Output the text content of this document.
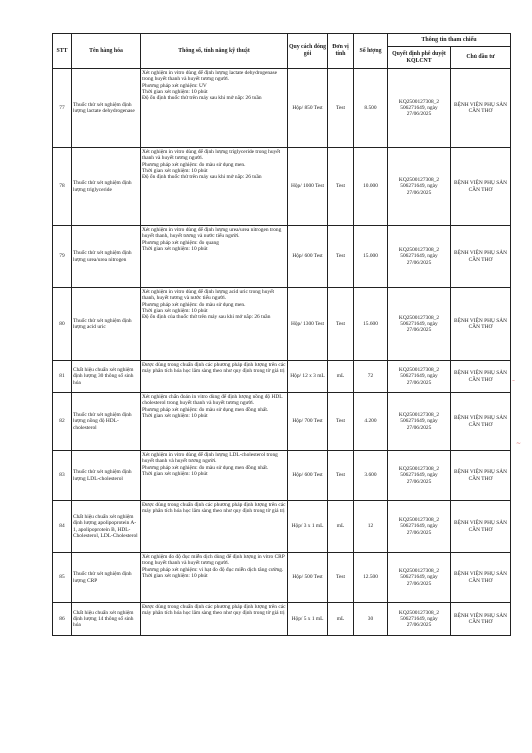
STT	Tên hàng hóa	Thông số, tính năng kỹ thuật	Quy cách đóng gói	Đơn vị tính	Số lượng	Thông tin tham chiếu	
						Quyết định phê duyệt KQLCNT	Chủ đầu tư
77	Thuốc thử xét nghiệm định lượng lactate dehydrogenase	Xét nghiệm in vitro dùng để định lượng lactate dehydrogenase trong huyết thanh và huyết tương người.
Phương pháp xét nghiệm: UV
Thời gian xét nghiệm: 10 phút
Độ ổn định thuốc thử trên máy sau khi mở nắp: 26 tuần	Hộp/ 850 Test	Test	8.500	KQ2500127308_2 506271649, ngày 27/06/2025	BỆNH VIỆN PHỤ SẢN CẦN THƠ
78	Thuốc thử xét nghiệm định lượng triglyceride	Xét nghiệm in vitro dùng để định lượng triglyceride trong huyết thanh và huyết tương người.
Phương pháp xét nghiệm: đo màu sử dụng men.
Thời gian xét nghiệm: 10 phút
Độ ổn định thuốc thử trên máy sau khi mở nắp: 26 tuần	Hộp/ 1000 Test	Test	10.000	KQ2500127308_2 506271649, ngày 27/06/2025	BỆNH VIỆN PHỤ SẢN CẦN THƠ
79	Thuốc thử xét nghiệm định lượng urea/urea nitrogen	Xét nghiệm in vitro dùng để định lượng urea/urea nitrogen trong huyết thanh, huyết tương và nước tiểu người.
Phương pháp xét nghiệm: đo quang
Thời gian xét nghiệm: 10 phút	Hộp/ 600 Test	Test	15.000	KQ2500127308_2 506271649, ngày 27/06/2025	BỆNH VIỆN PHỤ SẢN CẦN THƠ
80	Thuốc thử xét nghiệm định lượng acid uric	Xét nghiệm in vitro dùng để định lượng acid uric trong huyết thanh, huyết tương và nước tiểu người.
Phương pháp xét nghiệm: đo màu sử dụng men.
Thời gian xét nghiệm: 10 phút
Độ ổn định của thuốc thử trên máy sau khi mở nắp: 26 tuần	Hộp/ 1300 Test	Test	15.600	KQ2500127308_2 506271649, ngày 27/06/2025	BỆNH VIỆN PHỤ SẢN CẦN THƠ
81	Chất hiệu chuẩn xét nghiệm định lượng 30 thông số sinh hóa	Được dùng trong chuẩn định các phương pháp định lượng trên các máy phân tích hóa học lâm sàng theo như quy định trong tờ giá trị	Hộp/ 12 x 3 mL	mL	72	KQ2500127308_2 506271649, ngày 27/06/2025	BỆNH VIỆN PHỤ SẢN CẦN THƠ
82	Thuốc thử xét nghiệm định lượng nồng độ HDL-cholesterol	Xét nghiệm chẩn đoán in vitro dùng để định lượng nồng độ HDL cholesterol trong huyết thanh và huyết tương người.
Phương pháp xét nghiệm: đo màu sử dụng men đồng nhất.
Thời gian xét nghiệm: 10 phút	Hộp/ 700 Test	Test	4.200	KQ2500127308_2 506271649, ngày 27/06/2025	BỆNH VIỆN PHỤ SẢN CẦN THƠ
83	Thuốc thử xét nghiệm định lượng LDL-cholesterol	Xét nghiệm in vitro dùng để định lượng LDL-cholesterol trong huyết thanh và huyết tương người.
Phương pháp xét nghiệm: đo màu sử dụng men đồng nhất.
Thời gian xét nghiệm: 10 phút	Hộp/ 600 Test	Test	3.600	KQ2500127308_2 506271649, ngày 27/06/2025	BỆNH VIỆN PHỤ SẢN CẦN THƠ
84	Chất hiệu chuẩn xét nghiệm định lượng apolipoprotein A-1, apolipoprotein B, HDL-Cholesterol, LDL-Cholesterol	Được dùng trong chuẩn định các phương pháp định lượng trên các máy phân tích hóa học lâm sàng theo như quy định trong tờ giá trị	Hộp/ 3 x 1 mL	mL	12	KQ2500127308_2 506271649, ngày 27/06/2025	BỆNH VIỆN PHỤ SẢN CẦN THƠ
85	Thuốc thử xét nghiệm định lượng CRP	Xét nghiệm đo độ đục miễn dịch dùng để định lượng in vitro CRP trong huyết thanh và huyết tương người.
Phương pháp xét nghiệm: vi hạt đo độ đục miễn dịch tăng cường.
Thời gian xét nghiệm: 10 phút	Hộp/ 500 Test	Test	12.500	KQ2500127308_2 506271649, ngày 27/06/2025	BỆNH VIỆN PHỤ SẢN CẦN THƠ
86	Chất hiệu chuẩn xét nghiệm định lượng 14 thông số sinh hóa	Được dùng trong chuẩn định các phương pháp định lượng trên các máy phân tích hóa học lâm sàng theo như quy định trong tờ giá trị	Hộp/ 5 x 1 mL	mL	30	KQ2500127308_2 506271649, ngày 27/06/2025	BỆNH VIỆN PHỤ SẢN CẦN THƠ
˜
~
